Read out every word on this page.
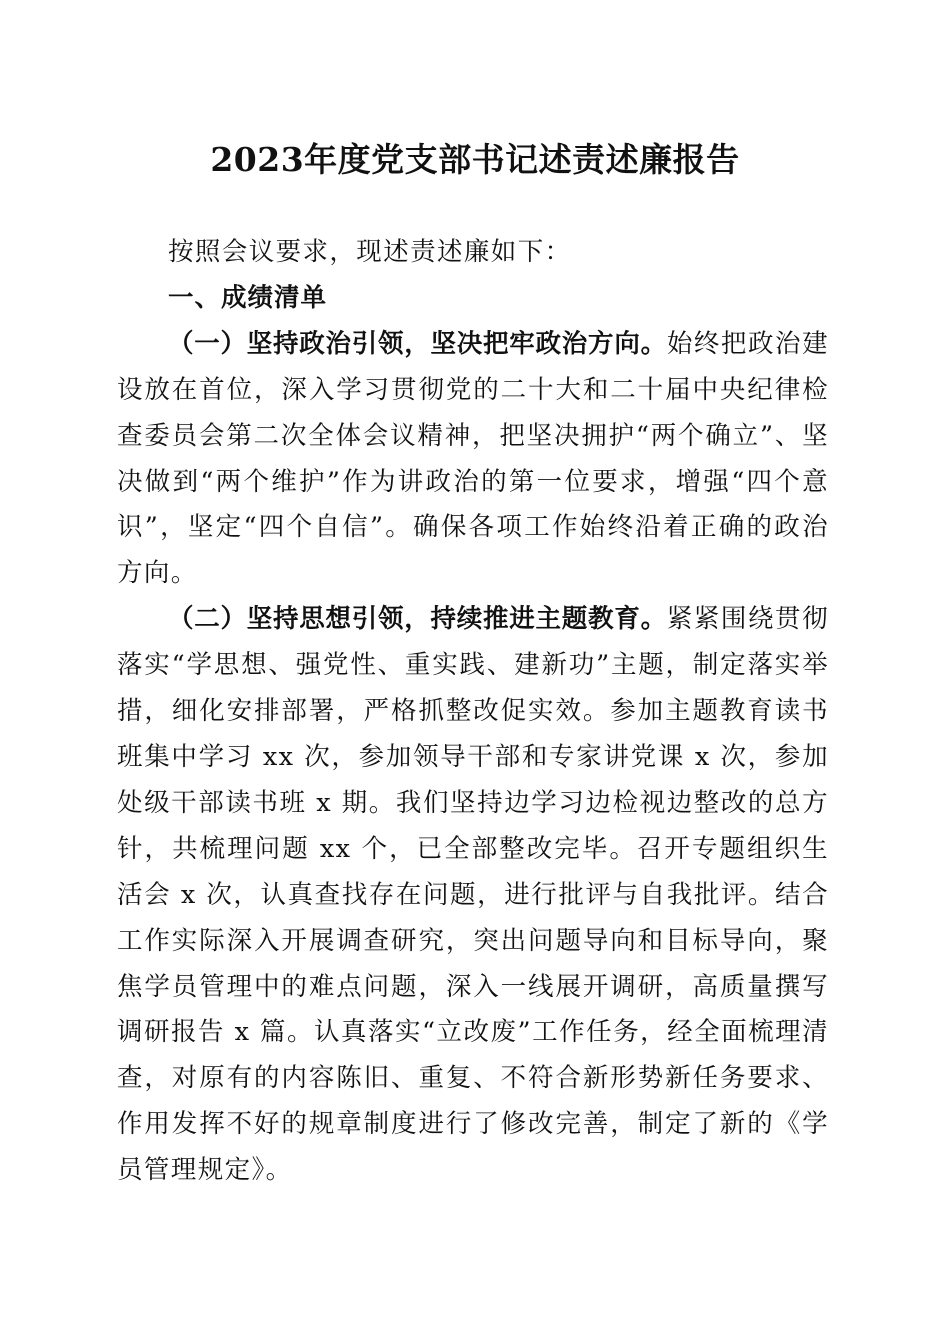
2023年度党支部书记述责述廉报告

按照会议要求，现述责述廉如下：

一、成绩清单

（一）坚持政治引领，坚决把牢政治方向。始终把政治建设放在首位，深入学习贯彻党的二十大和二十届中央纪律检查委员会第二次全体会议精神，把坚决拥护“两个确立”、坚决做到“两个维护”作为讲政治的第一位要求，增强“四个意识”，坚定“四个自信”。确保各项工作始终沿着正确的政治方向。

（二）坚持思想引领，持续推进主题教育。紧紧围绕贯彻落实“学思想、强党性、重实践、建新功”主题，制定落实举措，细化安排部署，严格抓整改促实效。参加主题教育读书班集中学习 xx 次，参加领导干部和专家讲党课 x 次，参加处级干部读书班 x 期。我们坚持边学习边检视边整改的总方针，共梳理问题 xx 个，已全部整改完毕。召开专题组织生活会 x 次，认真查找存在问题，进行批评与自我批评。结合工作实际深入开展调查研究，突出问题导向和目标导向，聚焦学员管理中的难点问题，深入一线展开调研，高质量撰写调研报告 x 篇。认真落实“立改废”工作任务，经全面梳理清查，对原有的内容陈旧、重复、不符合新形势新任务要求、作用发挥不好的规章制度进行了修改完善，制定了新的《学员管理规定》。
